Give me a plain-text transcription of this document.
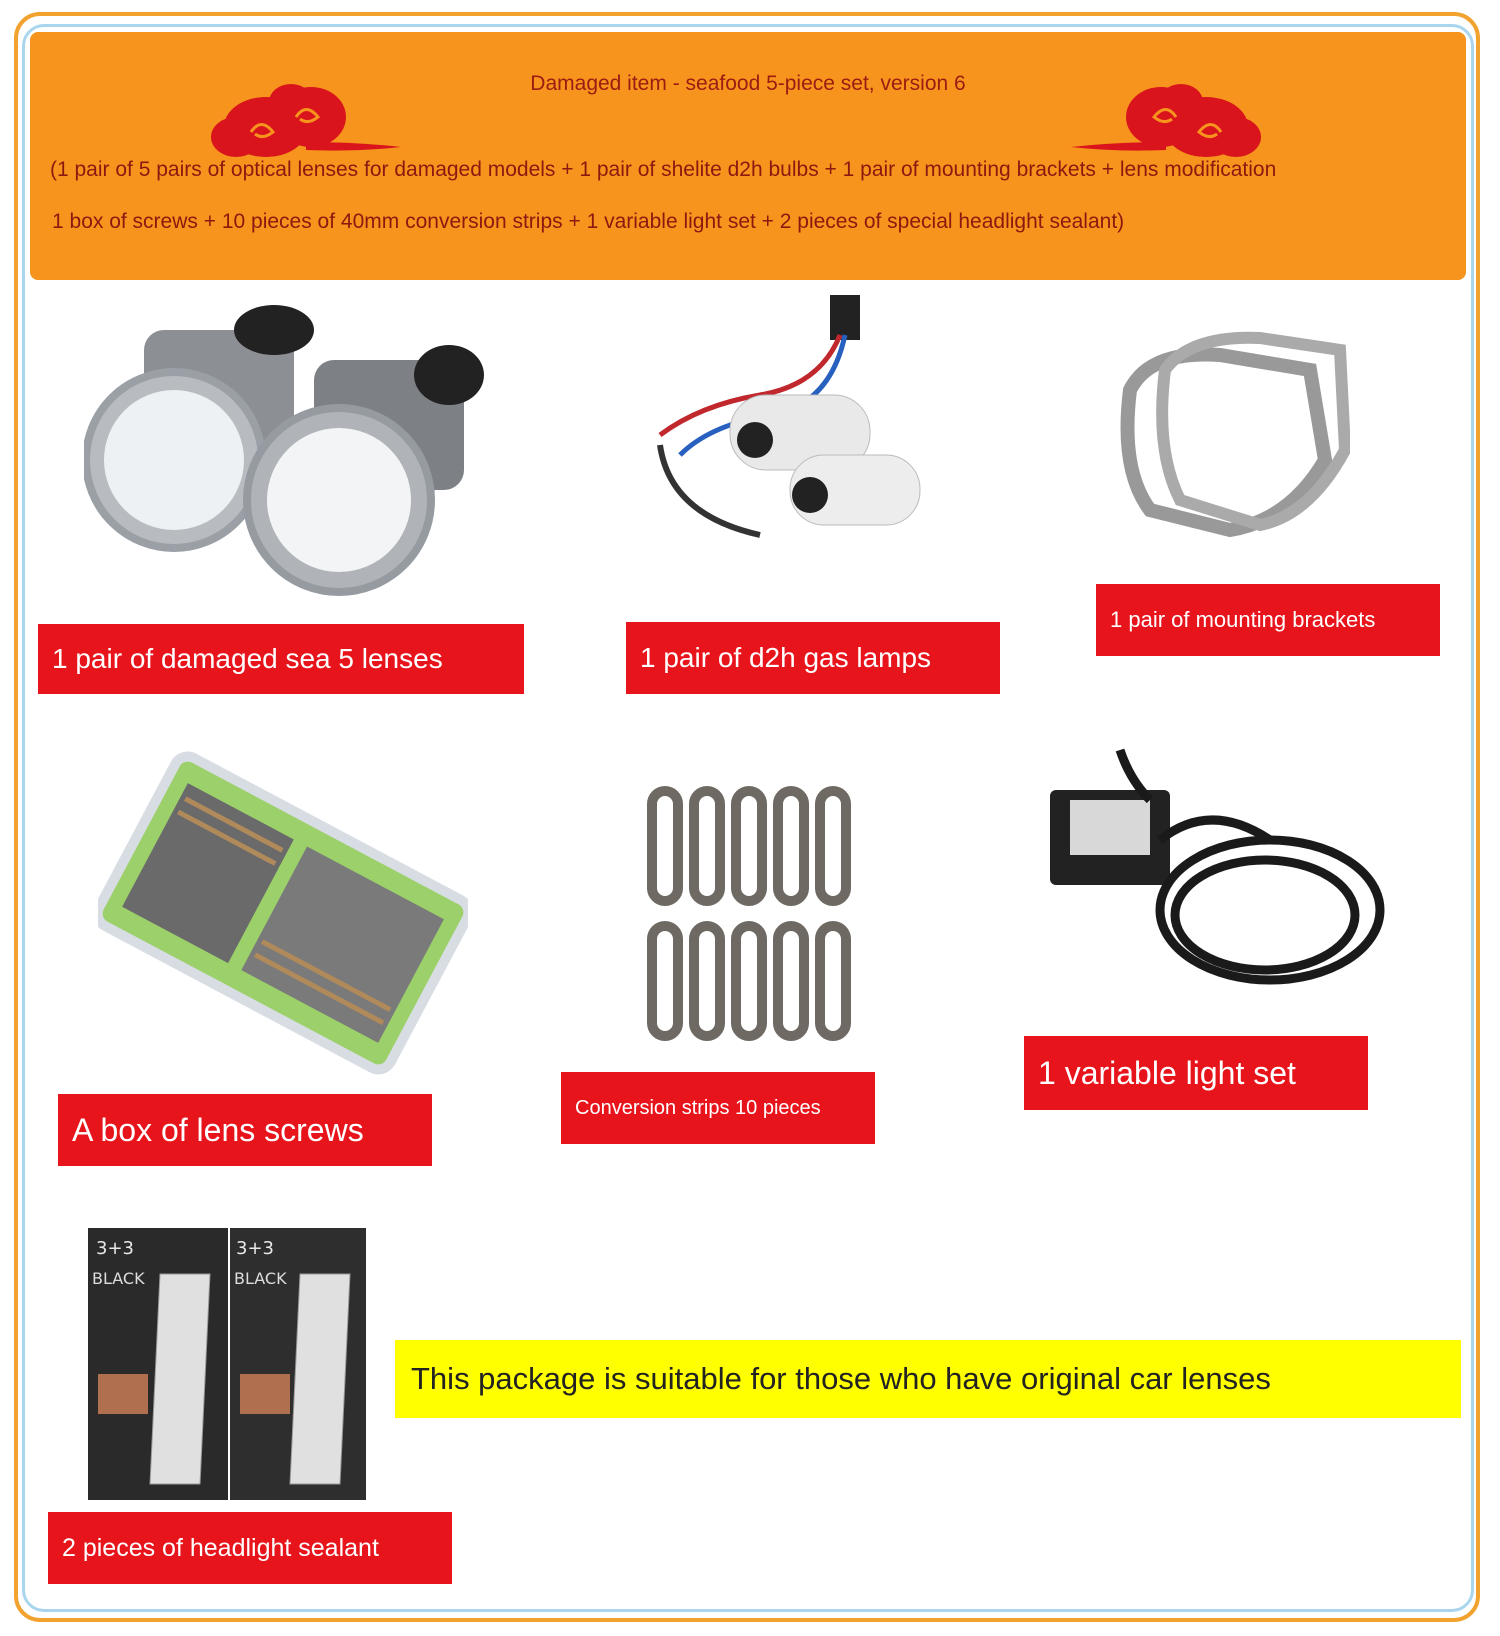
Damaged item - seafood 5-piece set, version 6
(1 pair of 5 pairs of optical lenses for damaged models + 1 pair of shelite d2h bulbs + 1 pair of mounting brackets + lens modification
1 box of screws + 10 pieces of 40mm conversion strips + 1 variable light set + 2 pieces of special headlight sealant)
1 pair of damaged sea 5 lenses	1 pair of d2h gas lamps
1 pair of mounting brackets
A box of lens screws
Conversion strips 10 pieces
1 variable light set
3+3
BLACK
3+3
BLACK
This package is suitable for those who have original car lenses
2 pieces of headlight sealant
